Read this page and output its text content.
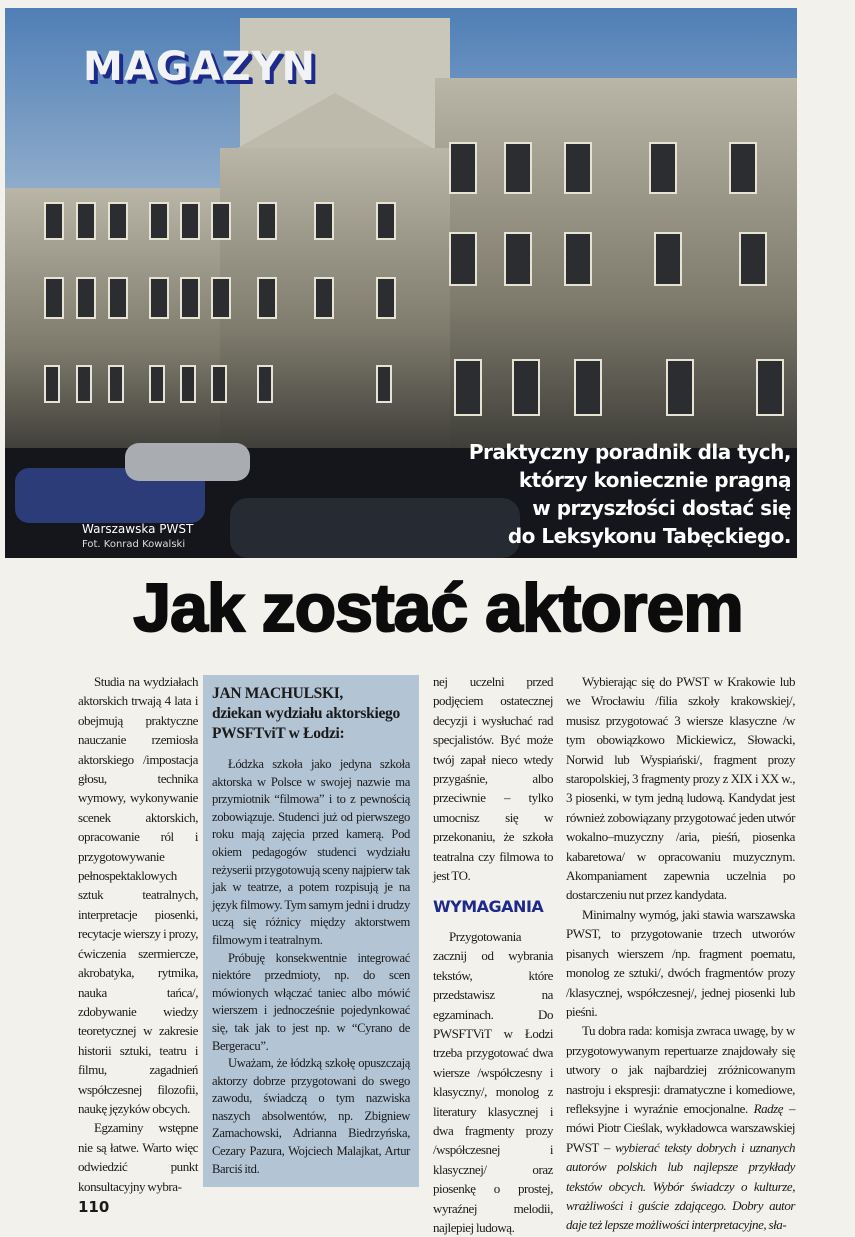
MAGAZYN
Praktyczny poradnik dla tych,
którzy koniecznie pragną
w przyszłości dostać się
do Leksykonu Tabęckiego.
Warszawska PWST
Fot. Konrad Kowalski
Jak zostać aktorem

Studia na wydziałach aktorskich trwają 4 lata i obejmują praktyczne nauczanie rzemiosła aktorskiego /impostacja głosu, technika wymowy, wykonywanie scenek aktorskich, opracowanie ról i przygotowywanie pełnospektaklowych sztuk teatralnych, interpretacje piosenki, recytacje wierszy i prozy, ćwiczenia szermiercze, akrobatyka, rytmika, nauka tańca/, zdobywanie wiedzy teoretycznej w zakresie historii sztuki, teatru i filmu, zagadnień współczesnej filozofii, naukę języków obcych.

Egzaminy wstępne nie są łatwe. Warto więc odwiedzić punkt konsultacyjny wybra-

110
JAN MACHULSKI,
dziekan wydziału aktorskiego
PWSFTviT w Łodzi:

Łódzka szkoła jako jedyna szkoła aktorska w Polsce w swojej nazwie ma przymiotnik “filmowa” i to z pewnością zobowiązuje. Studenci już od pierwszego roku mają zajęcia przed kamerą. Pod okiem pedagogów studenci wydziału reżyserii przygotowują sceny najpierw tak jak w teatrze, a potem rozpisują je na język filmowy. Tym samym jedni i drudzy uczą się różnicy między aktorstwem filmowym i teatralnym.

Próbuję konsekwentnie integrować niektóre przedmioty, np. do scen mówionych włączać taniec albo mówić wierszem i jednocześnie pojedynkować się, tak jak to jest np. w “Cyrano de Bergeracu”.

Uważam, że łódzką szkołę opuszczają aktorzy dobrze przygotowani do swego zawodu, świadczą o tym nazwiska naszych absolwentów, np. Zbigniew Zamachowski, Adrianna Biedrzyńska, Cezary Pazura, Wojciech Malajkat, Artur Barciś itd.

nej uczelni przed podjęciem ostatecznej decyzji i wysłuchać rad specjalistów. Być może twój zapał nieco wtedy przygaśnie, albo przeciwnie – tylko umocnisz się w przekonaniu, że szkoła teatralna czy filmowa to jest TO.

WYMAGANIA

Przygotowania zacznij od wybrania tekstów, które przedstawisz na egzaminach. Do PWSFTViT w Łodzi trzeba przygotować dwa wiersze /współczesny i klasyczny/, monolog z literatury klasycznej i dwa fragmenty prozy /współczesnej i klasycznej/ oraz piosenkę o prostej, wyraźnej melodii, najlepiej ludową.

Wybierając się do PWST w Krakowie lub we Wrocławiu /filia szkoły krakowskiej/, musisz przygotować 3 wiersze klasyczne /w tym obowiązkowo Mickiewicz, Słowacki, Norwid lub Wyspiański/, fragment prozy staropolskiej, 3 fragmenty prozy z XIX i XX w., 3 piosenki, w tym jedną ludową. Kandydat jest również zobowiązany przygotować jeden utwór wokalno–muzyczny /aria, pieśń, piosenka kabaretowa/ w opracowaniu muzycznym. Akompaniament zapewnia uczelnia po dostarczeniu nut przez kandydata.

Minimalny wymóg, jaki stawia warszawska PWST, to przygotowanie trzech utworów pisanych wierszem /np. fragment poematu, monolog ze sztuki/, dwóch fragmentów prozy /klasycznej, współczesnej/, jednej piosenki lub pieśni.

Tu dobra rada: komisja zwraca uwagę, by w przygotowywanym repertuarze znajdowały się utwory o jak najbardziej zróżnicowanym nastroju i ekspresji: dramatyczne i komediowe, refleksyjne i wyraźnie emocjonalne. Radzę – mówi Piotr Cieślak, wykładowca warszawskiej PWST – wybierać teksty dobrych i uznanych autorów polskich lub najlepsze przykłady tekstów obcych. Wybór świadczy o kulturze, wrażliwości i guście zdającego. Dobry autor daje też lepsze możliwości interpretacyjne, sła-
